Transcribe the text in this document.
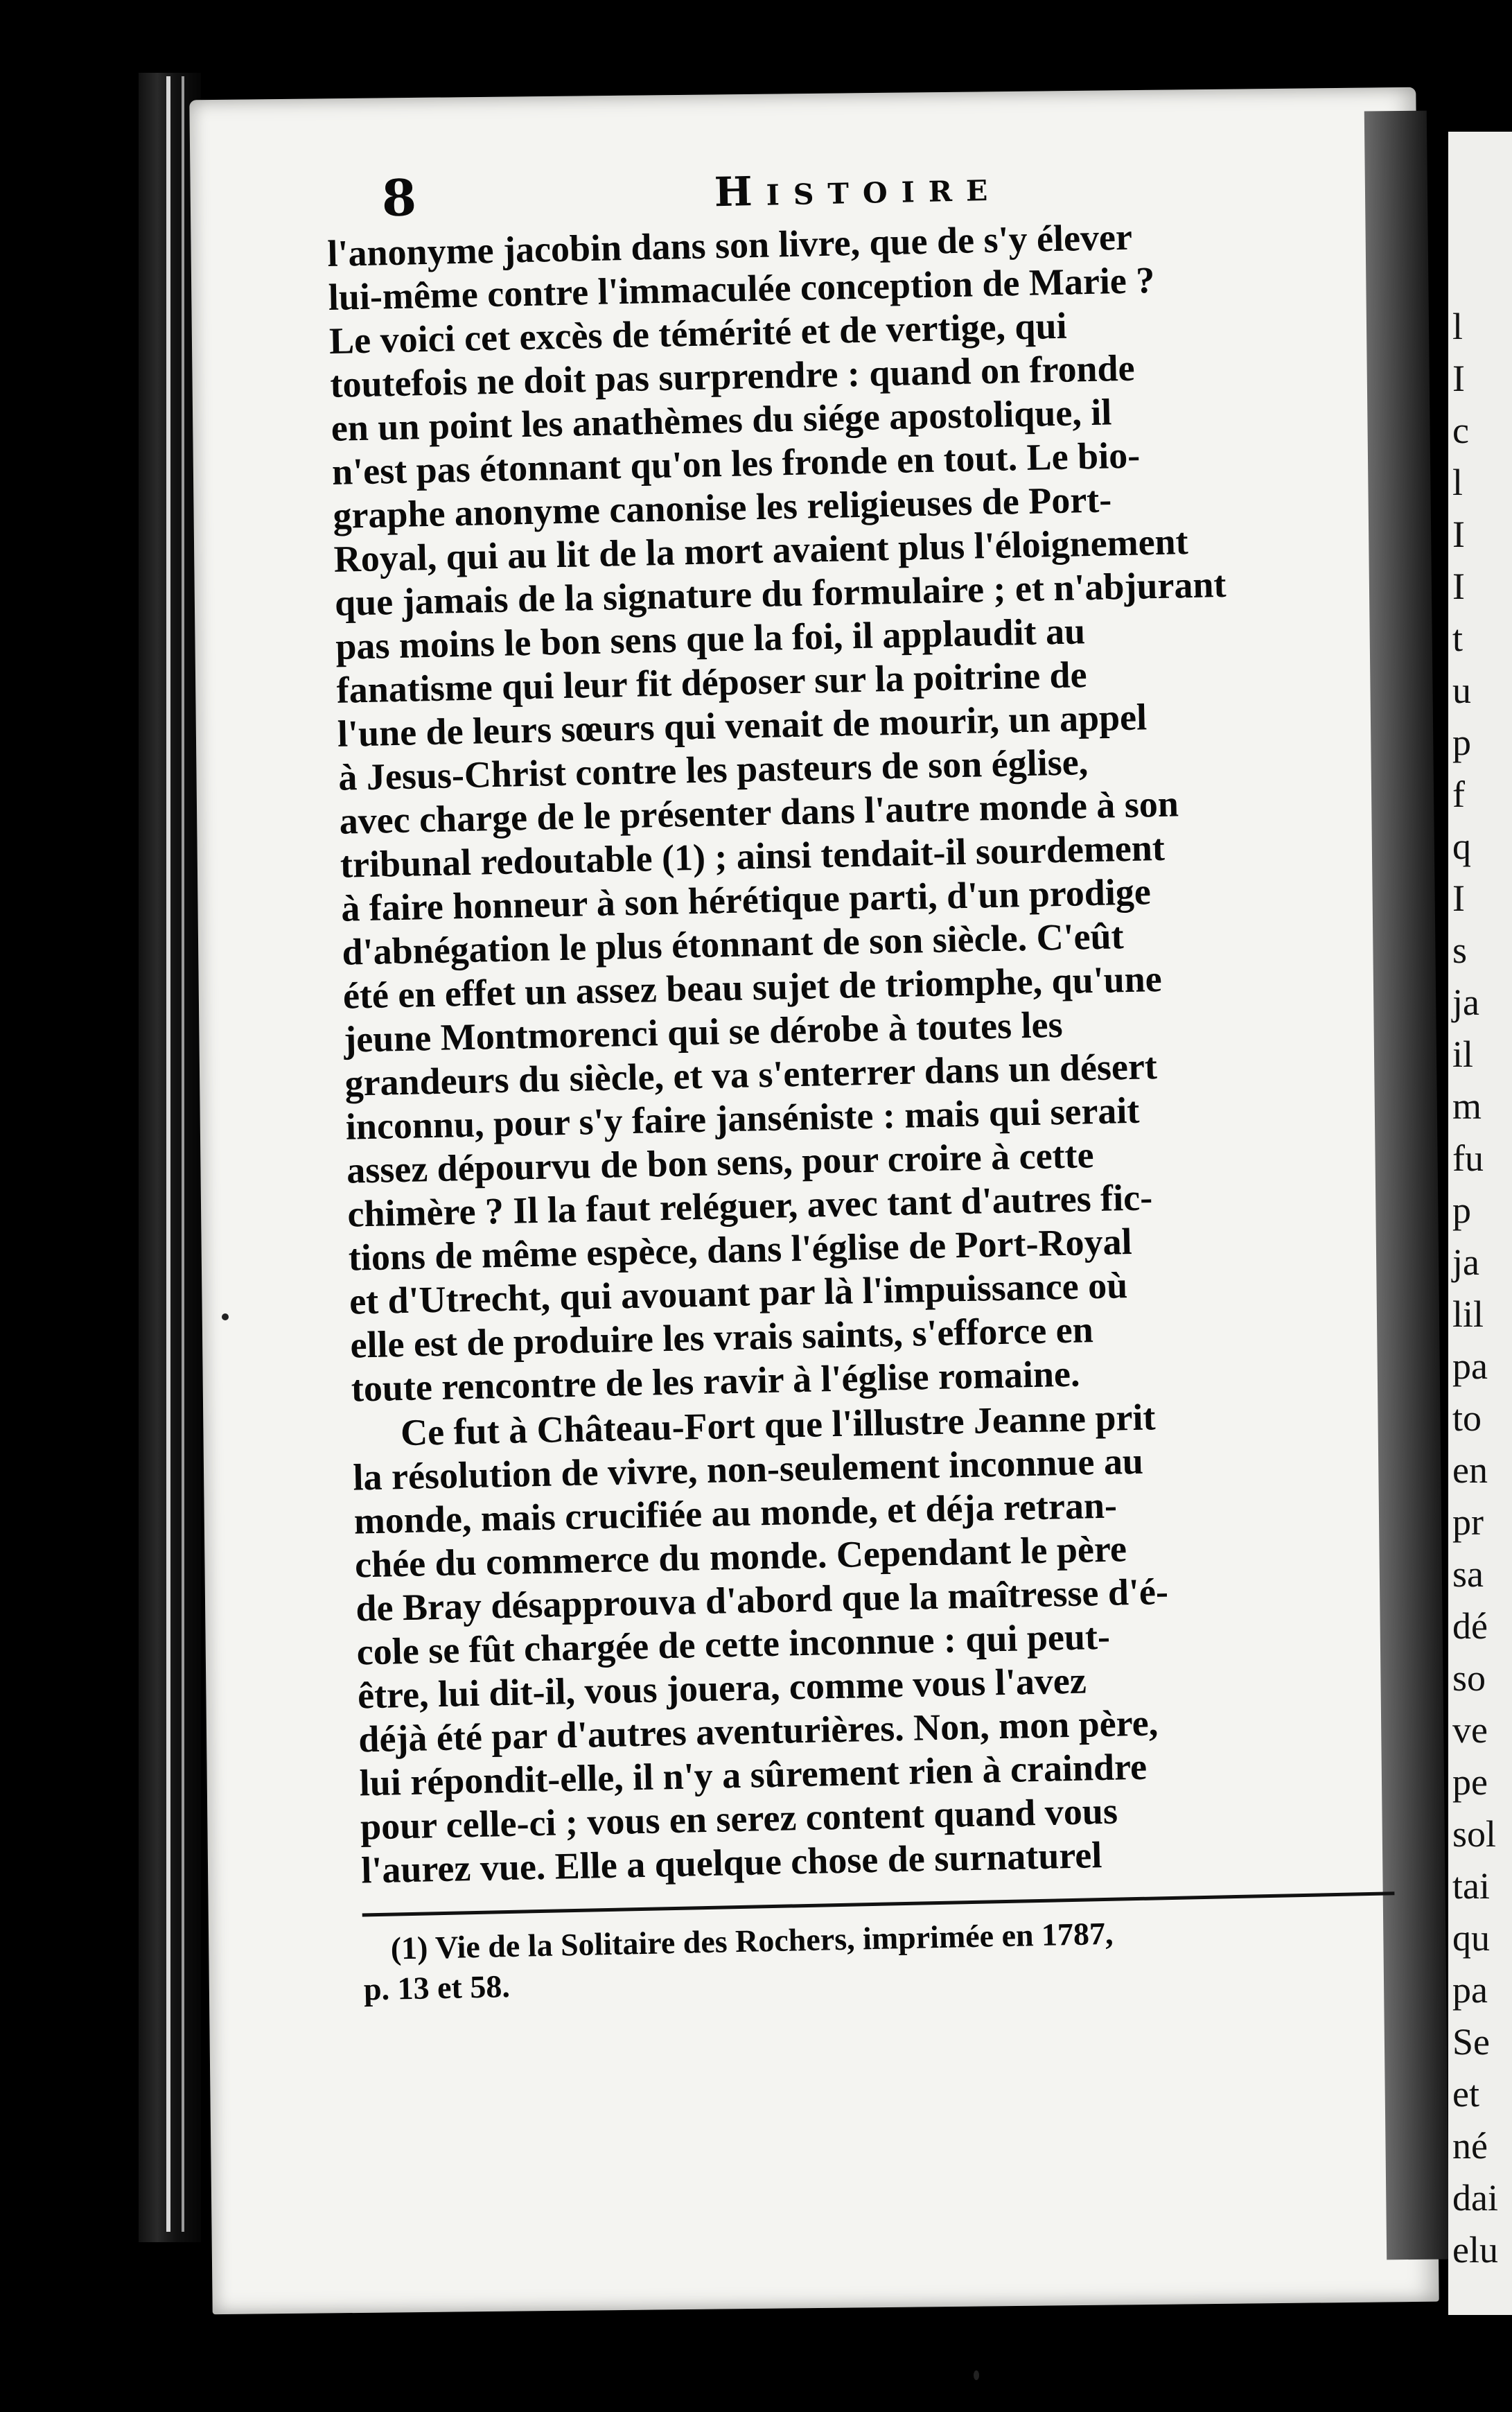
l
I
c
l
I
I
t
u
p
f
q
I
s
ja
il
m
fu
p
ja
lil
pa
to
en
pr
sa
dé
so
ve
pe
sol
tai
qu
pa
Se
et
né
dai
elu
8	Histoire
l'anonyme jacobin dans son livre, que de s'y élever
lui-même contre l'immaculée conception de Marie ?
Le voici cet excès de témérité et de vertige, qui
toutefois ne doit pas surprendre : quand on fronde
en un point les anathèmes du siége apostolique, il
n'est pas étonnant qu'on les fronde en tout. Le bio-
graphe anonyme canonise les religieuses de Port-
Royal, qui au lit de la mort avaient plus l'éloignement
que jamais de la signature du formulaire ; et n'abjurant
pas moins le bon sens que la foi, il applaudit au
fanatisme qui leur fit déposer sur la poitrine de
l'une de leurs sœurs qui venait de mourir, un appel
à Jesus-Christ contre les pasteurs de son église,
avec charge de le présenter dans l'autre monde à son
tribunal redoutable (1) ; ainsi tendait-il sourdement
à faire honneur à son hérétique parti, d'un prodige
d'abnégation le plus étonnant de son siècle. C'eût
été en effet un assez beau sujet de triomphe, qu'une
jeune Montmorenci qui se dérobe à toutes les
grandeurs du siècle, et va s'enterrer dans un désert
inconnu, pour s'y faire janséniste : mais qui serait
assez dépourvu de bon sens, pour croire à cette
chimère ? Il la faut reléguer, avec tant d'autres fic-
tions de même espèce, dans l'église de Port-Royal
et d'Utrecht, qui avouant par là l'impuissance où
elle est de produire les vrais saints, s'efforce en
toute rencontre de les ravir à l'église romaine.
Ce fut à Château-Fort que l'illustre Jeanne prit
la résolution de vivre, non-seulement inconnue au
monde, mais crucifiée au monde, et déja retran-
chée du commerce du monde. Cependant le père
de Bray désapprouva d'abord que la maîtresse d'é-
cole se fût chargée de cette inconnue : qui peut-
être, lui dit-il, vous jouera, comme vous l'avez
déjà été par d'autres aventurières. Non, mon père,
lui répondit-elle, il n'y a sûrement rien à craindre
pour celle-ci ; vous en serez content quand vous
l'aurez vue. Elle a quelque chose de surnaturel
(1) Vie de la Solitaire des Rochers, imprimée en 1787,
p. 13 et 58.
